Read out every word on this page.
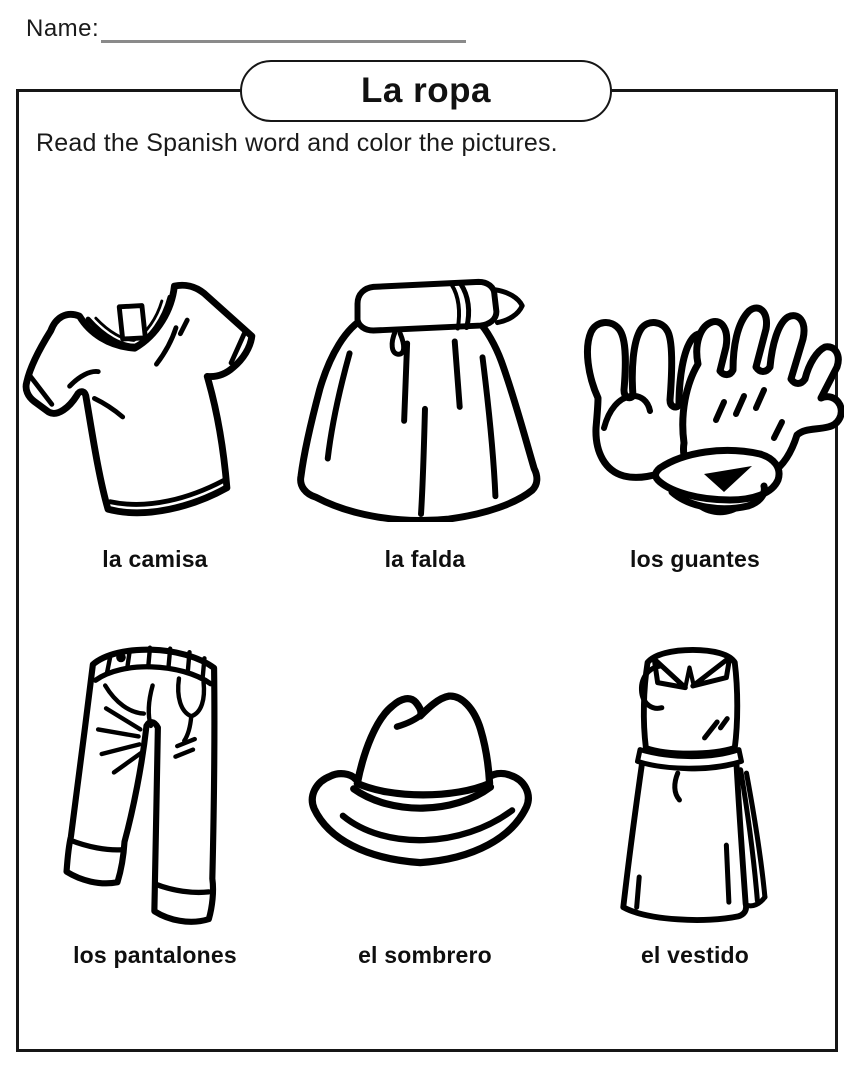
Name:
La ropa
Read the Spanish word and color the pictures.
la camisa	la falda	los guantes
los pantalones	el sombrero	el vestido
